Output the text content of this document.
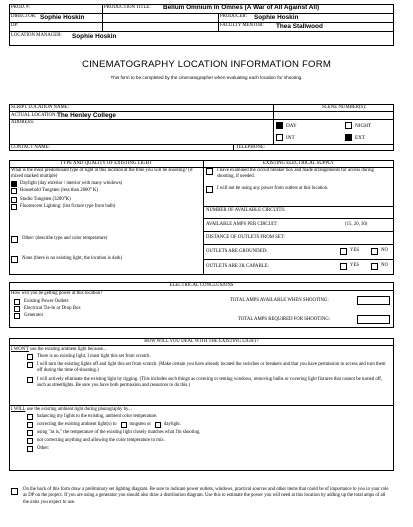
PROD. #:	PRODUCTION TITLE: Bellum Omnium In Omnes (A War of All Against All)
DIRECTOR: Sophie Hoskin	PRODUCER: Sophie Hoskin
DP:	FACULTY MENTOR: Thea Stallwood
LOCATION MANAGER: Sophie Hoskin
CINEMATOGRAPHY LOCATION INFORMATION FORM
This form to be completed by the cinematographer when evaluating each location for shooting.
SCRIPT LOCATION NAME:	SCENE NUMBER(S):
ACTUAL LOCATION: The Henley College
ADDRESS:	DAY	NIGHT
INT	EXT
CONTACT NAME:	TELEPHONE:
TYPE AND QUALITY OF EXISTING LIGHT	EXISTING ELECTRICAL SUPPLY
What is the most predominant type of light at this location at the time you will be shooting? (if mixed marked multiple)
Daylight (day exterior / interior with many windows)
Household Tungsten (less than 2800° K)
Studio Tungsten (3200°K)
Fluorescent Lighting: (list fixture type from bulb)
Other: (describe type and color temperature)
None (there is no existing light, the location is dark)
I have examined the circuit breaker box and made arrangements for access during shooting, if needed.
I will not be using any power from outlets at this location.
NUMBER OF AVAILABLE CIRCUITS:
AVAILABLE AMPS PER CIRCUIT:	(15, 20, 30)
DISTANCE OF OUTLETS FROM SET:
OUTLETS ARE GROUNDED:	YES	NO
OUTLETS ARE 2K CAPABLE:	YES	NO
ELECTRICAL CONCLUSIONS
How will you be getting power at this location?
Existing Power Outlets
Electrical Tie-In or Drop Box
Generator
TOTAL AMPS AVAILABLE WHEN SHOOTING:
TOTAL AMPS REQUIRED FOR SHOOTING:
HOW WILL YOU DEAL WITH THE EXISTING LIGHT?
I WON'T use the existing ambient light because...
There is no existing light, I must light this set from scratch.
I will turn the existing lights off and light this set from scratch. (Make certain you have already located the switches or breakers and that you have permission to access and turn them off during the time of shooting.)
I will actively eliminate the existing light by rigging. (This includes such things as covering or tenting windows, removing bulbs or covering light fixtures that cannot be turned off, such as streetlights. Be sure you have both permission and resources to do this.)
I WILL use the existing ambient light during photography by...
balancing my lights to the existing, ambient color temperature.
correcting the existing ambient light(s) to	tungsten or	daylight.
using "as is," the temperature of the existing light closely matches what I'm shooting.
not correcting anything and allowing the color temperature to mix.
Other:
On the back of this form draw a preliminary set lighting diagram. Be sure to indicate power outlets, windows, practical sources and other items that could be of importance to you in your role as DP on the project. If you are using a generator you should also draw a distribution diagram. Use this to estimate the power you will need at this location by adding up the total amps of all the units you expect to use.
